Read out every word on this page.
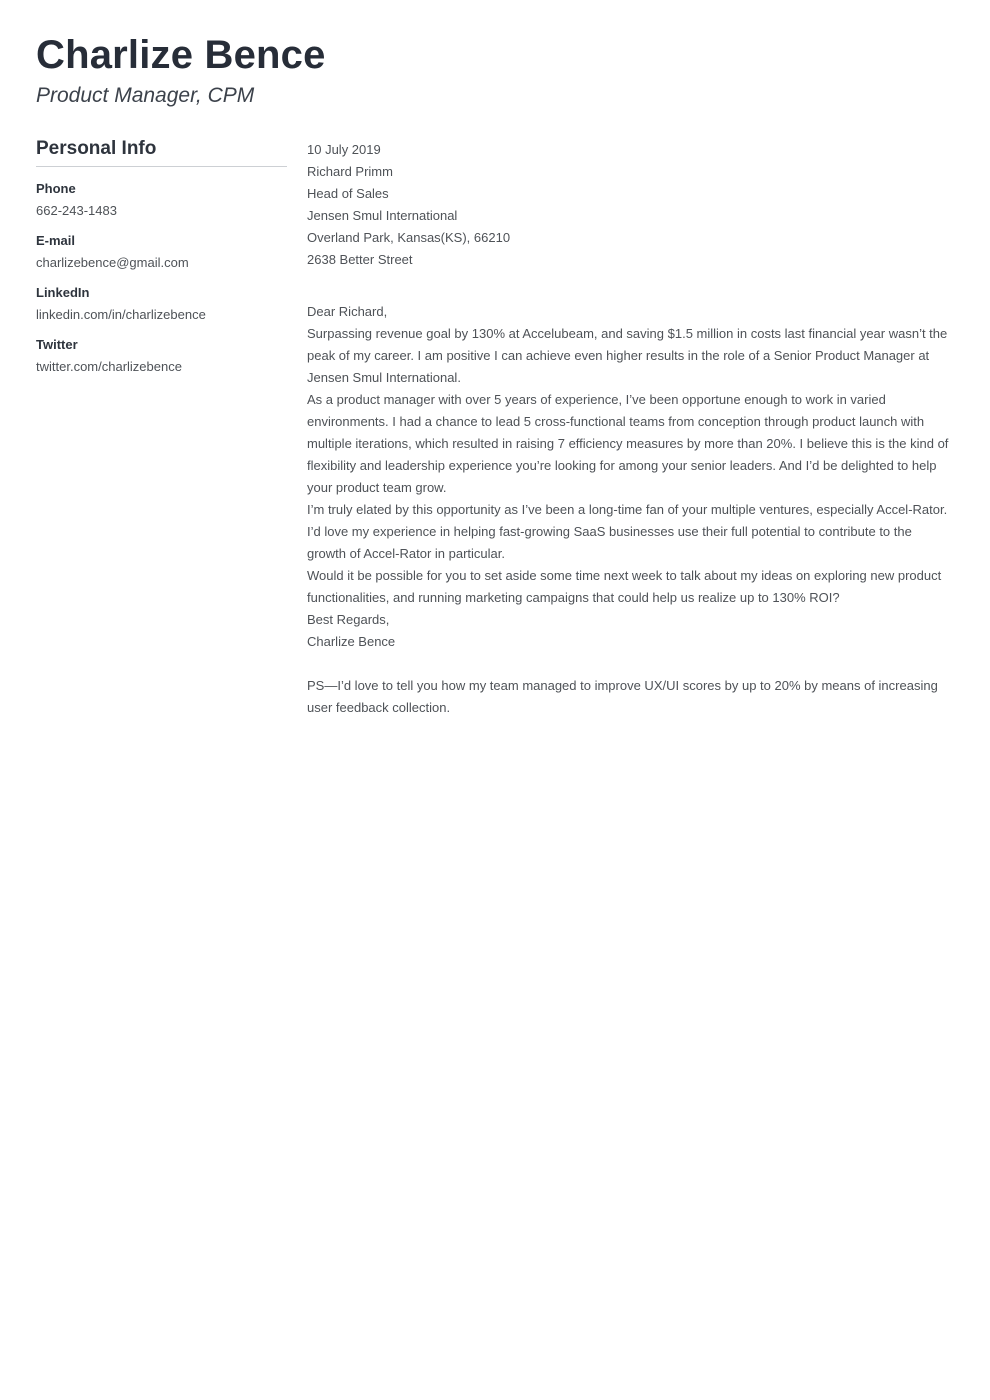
Charlize Bence
Product Manager, CPM
Personal Info
Phone
662-243-1483
E-mail
charlizebence@gmail.com
LinkedIn
linkedin.com/in/charlizebence
Twitter
twitter.com/charlizebence

10 July 2019

Richard Primm
Head of Sales
Jensen Smul International
Overland Park, Kansas(KS), 66210
2638 Better Street

Dear Richard,

Surpassing revenue goal by 130% at Accelubeam, and saving $1.5 million in costs last financial year wasn’t the peak of my career. I am positive I can achieve even higher results in the role of a Senior Product Manager at Jensen Smul International.

As a product manager with over 5 years of experience, I’ve been opportune enough to work in varied environments. I had a chance to lead 5 cross-functional teams from conception through product launch with multiple iterations, which resulted in raising 7 efficiency measures by more than 20%. I believe this is the kind of flexibility and leadership experience you’re looking for among your senior leaders. And I’d be delighted to help your product team grow.

I’m truly elated by this opportunity as I’ve been a long-time fan of your multiple ventures, especially Accel-Rator. I’d love my experience in helping fast-growing SaaS businesses use their full potential to contribute to the growth of Accel-Rator in particular.

Would it be possible for you to set aside some time next week to talk about my ideas on exploring new product functionalities, and running marketing campaigns that could help us realize up to 130% ROI?

Best Regards,
Charlize Bence

PS—I’d love to tell you how my team managed to improve UX/UI scores by up to 20% by means of increasing user feedback collection.
